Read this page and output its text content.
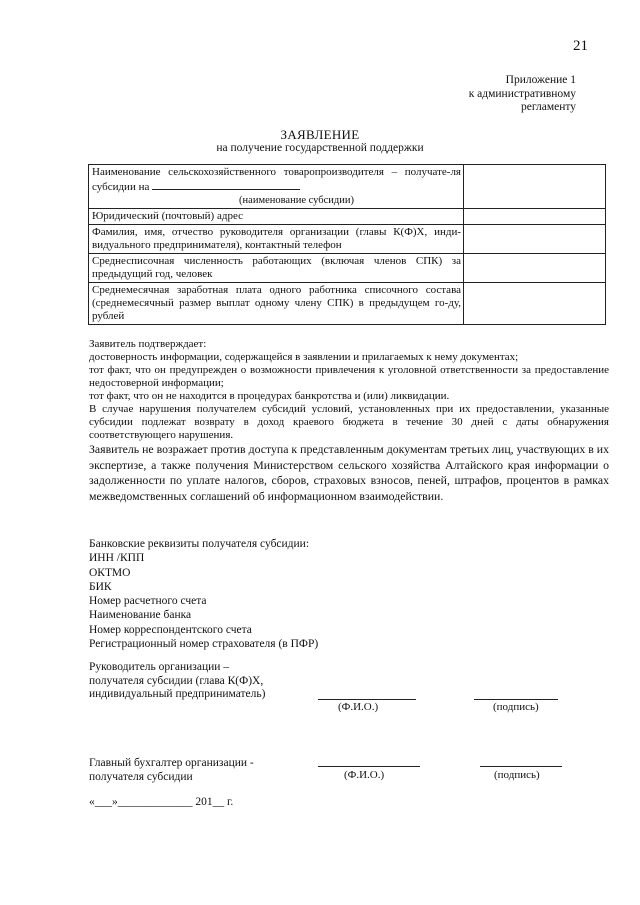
21
Приложение 1
к административному
регламенту
ЗАЯВЛЕНИЕ
на получение государственной поддержки
Наименование сельскохозяйственного товаропроизводителя – получате-ля субсидии на
(наименование субсидии)	

Юридический (почтовый) адрес	
Фамилия, имя, отчество руководителя организации (главы К(Ф)Х, инди-видуального предпринимателя), контактный телефон	
Среднесписочная численность работающих (включая членов СПК) за предыдущий год, человек	
Среднемесячная заработная плата одного работника списочного состава (среднемесячный размер выплат одному члену СПК) в предыдущем го-ду, рублей	

Заявитель подтверждает:

достоверность информации, содержащейся в заявлении и прилагаемых к нему документах;

тот факт, что он предупрежден о возможности привлечения к уголовной ответственности за предоставление недостоверной информации;

тот факт, что он не находится в процедурах банкротства и (или) ликвидации.

В случае нарушения получателем субсидий условий, установленных при их предоставлении, указанные субсидии подлежат возврату в доход краевого бюджета в течение 30 дней с даты обнаружения соответствующего нарушения.

Заявитель не возражает против доступа к представленным документам третьих лиц, участвующих в их экспертизе, а также получения Министерством сельского хозяйства Алтайского края информации о задолженности по уплате налогов, сборов, страховых взносов, пеней, штрафов, процентов в рамках межведомственных соглашений об информационном взаимодействии.

Банковские реквизиты получателя субсидии:
ИНН /КПП
ОКТМО
БИК
Номер расчетного счета
Наименование банка
Номер корреспондентского счета
Регистрационный номер страхователя (в ПФР)
Руководитель организации –
получателя субсидии (глава К(Ф)Х,
индивидуальный предприниматель)
(Ф.И.О.)	(подпись)
Главный бухгалтер организации -
получателя субсидии	(Ф.И.О.)	(подпись)
«___»_____________ 201__ г.
